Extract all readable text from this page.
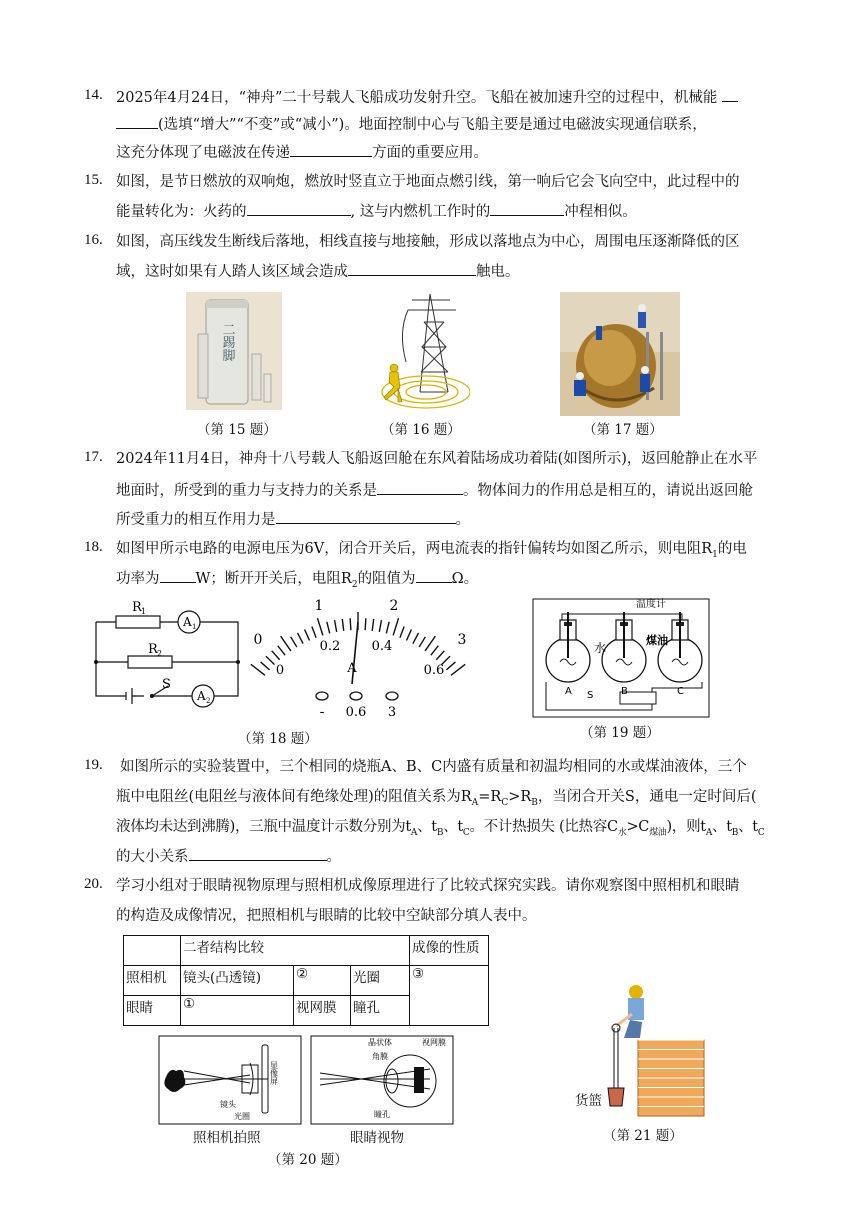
14. 2025年4月24日，“神舟”二十号载人飞船成功发射升空。飞船在被加速升空的过程中，机械能
(选填“增大”“不变”或“减小”)。地面控制中心与飞船主要是通过电磁波实现通信联系，
这充分体现了电磁波在传递	方面的重要应用。
15. 如图，是节日燃放的双响炮，燃放时竖直立于地面点燃引线，第一响后它会飞向空中，此过程中的
能量转化为：火药的	, 这与内燃机工作时的	冲程相似。
16. 如图，高压线发生断线后落地，相线直接与地接触，形成以落地点为中心，周围电压逐渐降低的区
域，这时如果有人踏人该区域会造成	触电。
二踢脚
（第 15 题）	（第 16 题）	（第 17 题）
17. 2024年11月4日，神舟十八号载人飞船返回舱在东风着陆场成功着陆(如图所示)，返回舱静止在水平
地面时，所受到的重力与支持力的关系是	。物体间力的作用总是相互的，请说出返回舱
所受重力的相互作用力是	。
18. 如图甲所示电路的电源电压为6V，闭合开关后，两电流表的指针偏转均如图乙所示，则电阻$R_1$的电
功率为 W；断开开关后，电阻$R_2$的阻值为 Ω。
R 1
R 2
A 1
A 2
S
1	2
3
0
0
0.2 0.4
0.6
A
- 0.6 3
（第 18 题）
温度计
水
煤油
A	B	C
S
（第 19 题）
19. 如图所示的实验装置中，三个相同的烧瓶A、B、C内盛有质量和初温均相同的水或煤油液体，三个
瓶中电阻丝(电阻丝与液体间有绝缘处理)的阻值关系为$R_A=R_C>R_B$，当闭合开关S，通电一定时间后(
液体均未达到沸腾)，三瓶中温度计示数分别为$t_A$、$t_B$、$t_C$。不计热损失 (比热容$C_水>C_{煤油}$)，则$t_A$、$t_B$、$t_C$
的大小关系	。
20. 学习小组对于眼睛视物原理与照相机成像原理进行了比较式探究实践。请你观察图中照相机和眼睛
的构造及成像情况，把照相机与眼睛的比较中空缺部分填人表中。
	二者结构比较			成像的性质
照相机	镜头(凸透镜)	②	光圈	③
眼睛	①	视网膜	瞳孔	
显像屏
镜头
光圈
晶状体	视网膜
角膜
瞳孔
照相机拍照	眼睛视物
（第 20 题）
货篮
（第 21 题）
